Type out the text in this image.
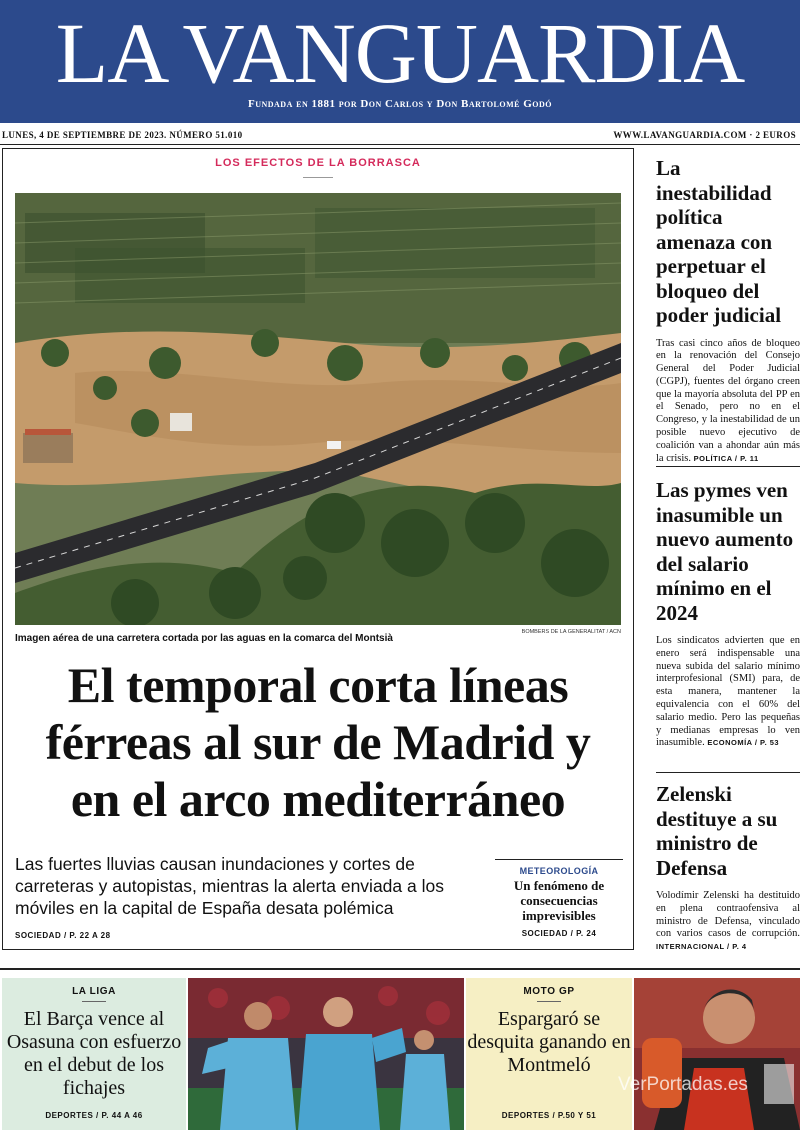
LA VANGUARDIA
Fundada en 1881 por Don Carlos y Don Bartolomé Godó
LUNES, 4 DE SEPTIEMBRE DE 2023. NÚMERO 51.010	WWW.LAVANGUARDIA.COM · 2 EUROS
LOS EFECTOS DE LA BORRASCA
BOMBERS DE LA GENERALITAT / ACN
Imagen aérea de una carretera cortada por las aguas en la comarca del Montsià
El temporal corta líneas
férreas al sur de Madrid y
en el arco mediterráneo
Las fuertes lluvias causan inundaciones y cortes de carreteras y autopistas, mientras la alerta enviada a los móviles en la capital de España desata polémica
SOCIEDAD / P. 22 A 28
METEOROLOGÍA
Un fenómeno de consecuencias imprevisibles
SOCIEDAD / P. 24
La inestabilidad política amenaza con perpetuar el bloqueo del poder judicial
Tras casi cinco años de bloqueo en la renovación del Consejo General del Poder Judicial (CGPJ), fuentes del órgano creen que la mayoría absoluta del PP en el Senado, pero no en el Congreso, y la inestabilidad de un posible nuevo ejecutivo de coalición van a ahondar aún más la crisis. POLÍTICA / P. 11
Las pymes ven inasumible un nuevo aumento del salario mínimo en el 2024
Los sindicatos advierten que en enero será indispensable una nueva subida del salario mínimo interprofesional (SMI) para, de esta manera, mantener la equivalencia con el 60% del salario medio. Pero las pequeñas y medianas empresas lo ven inasumible. ECONOMÍA / P. 53
Zelenski destituye a su ministro de Defensa
Volodímir Zelenski ha destituido en plena contraofensiva al ministro de Defensa, vinculado con varios casos de corrupción. INTERNACIONAL / P. 4
LA LIGA
El Barça vence al Osasuna con esfuerzo en el debut de los fichajes
DEPORTES / P. 44 A 46
MOTO GP
Espargaró se desquita ganando en Montmeló
DEPORTES / P.50 Y 51
VerPortadas.es
